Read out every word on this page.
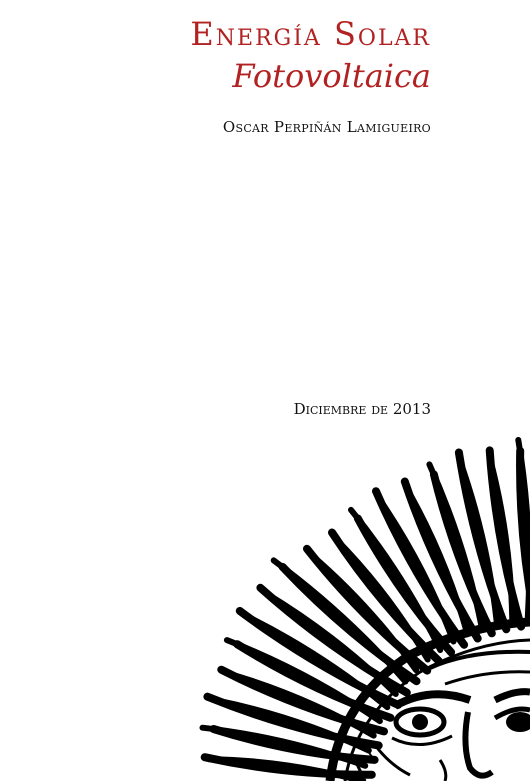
Energía Solar
Fotovoltaica
Oscar Perpiñán Lamigueiro
Diciembre de 2013
